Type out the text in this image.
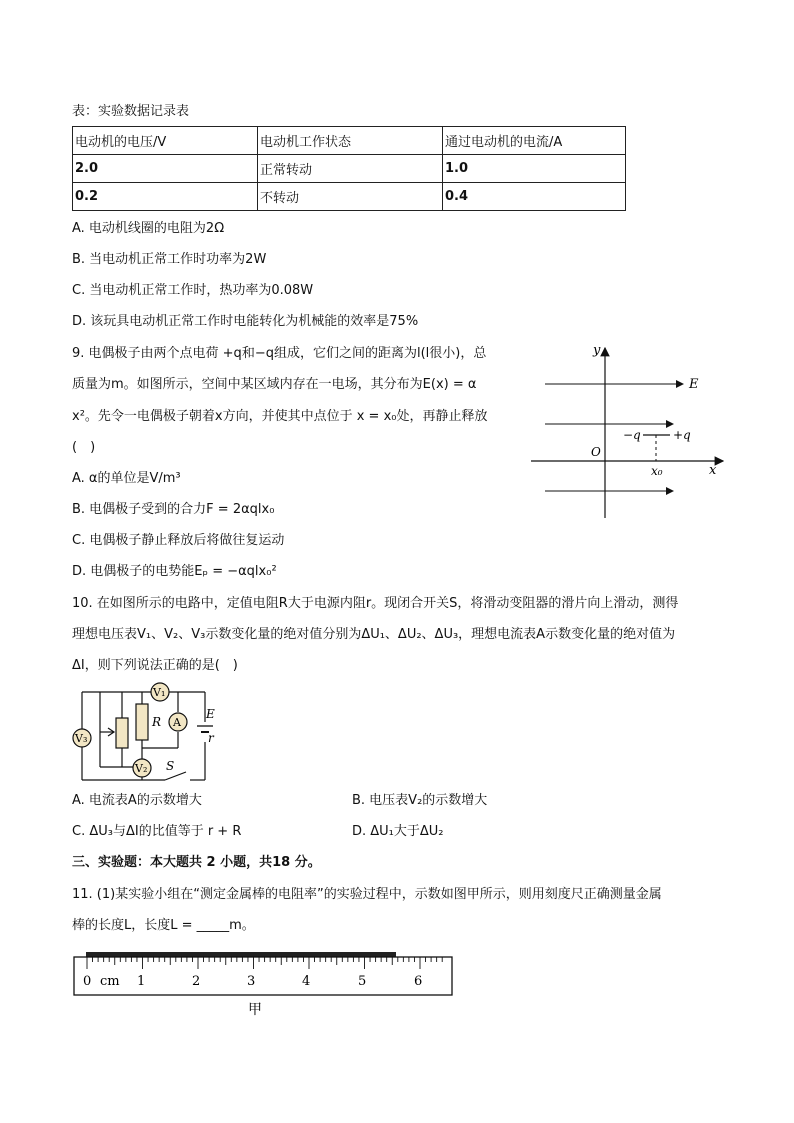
表：实验数据记录表
电动机的电压/V	电动机工作状态	通过电动机的电流/A
2.0	正常转动	1.0
0.2	不转动	0.4
A. 电动机线圈的电阻为2Ω
B. 当电动机正常工作时功率为2W
C. 当电动机正常工作时，热功率为0.08W
D. 该玩具电动机正常工作时电能转化为机械能的效率是75%
9. 电偶极子由两个点电荷 +q和−q组成，它们之间的距离为l(l很小)，总
质量为m。如图所示，空间中某区域内存在一电场，其分布为E(x) = α
x²。先令一电偶极子朝着x方向，并使其中点位于 x = x₀处，再静止释放
(　)
A. α的单位是V/m³
B. 电偶极子受到的合力F = 2αqlx₀
C. 电偶极子静止释放后将做往复运动
D. 电偶极子的电势能Eₚ = −αqlx₀²
y
x
O
E
−q	+q
x₀
10. 在如图所示的电路中，定值电阻R大于电源内阻r。现闭合开关S，将滑动变阻器的滑片向上滑动，测得
理想电压表V₁、V₂、V₃示数变化量的绝对值分别为ΔU₁、ΔU₂、ΔU₃，理想电流表A示数变化量的绝对值为
ΔI，则下列说法正确的是(　)
R
V₁
A
E
r
V₃
V₂ S
A. 电流表A的示数增大	B. 电压表V₂的示数增大
C. ΔU₃与ΔI的比值等于 r + R	D. ΔU₁大于ΔU₂
三、实验题：本大题共 2 小题，共18 分。
11. (1)某实验小组在“测定金属棒的电阻率”的实验过程中，示数如图甲所示，则用刻度尺正确测量金属
棒的长度L，长度L = _____m。
0 cm 1	2	3	4	5	6
甲
